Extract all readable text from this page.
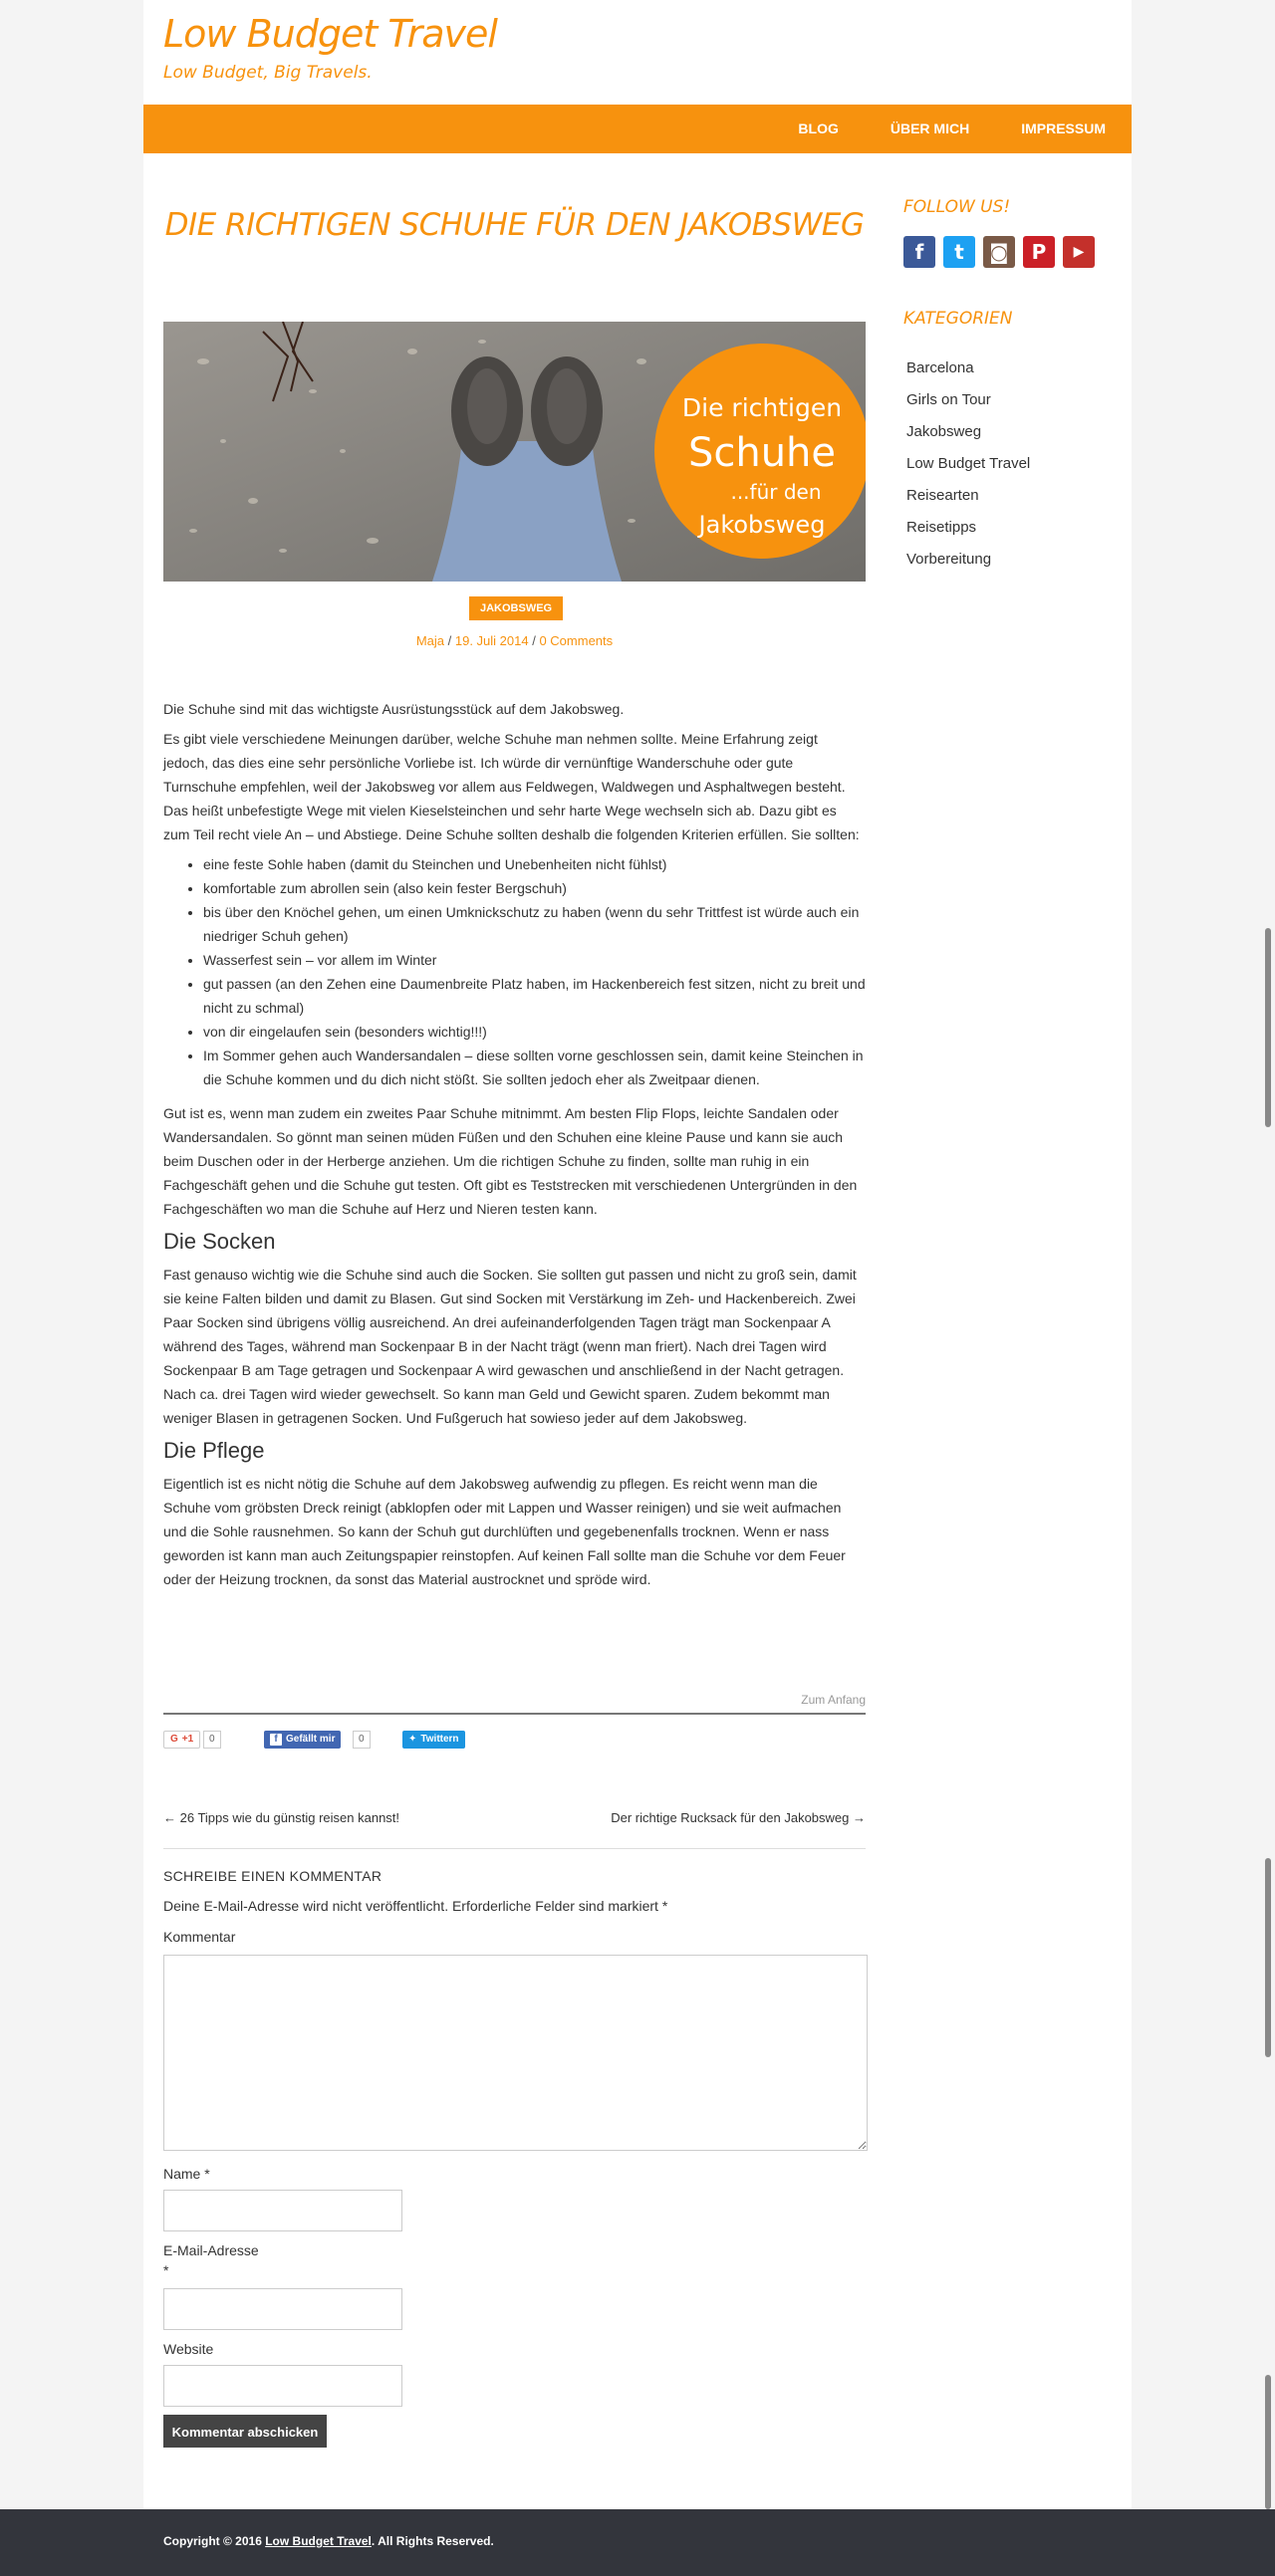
Low Budget Travel
Low Budget, Big Travels.
BLOG	ÜBER MICH	IMPRESSUM
DIE RICHTIGEN SCHUHE FÜR DEN JAKOBSWEG
Die richtigen
Schuhe
...für den
Jakobsweg
JAKOBSWEG
Maja / 19. Juli 2014 / 0 Comments

Die Schuhe sind mit das wichtigste Ausrüstungsstück auf dem Jakobsweg.

Es gibt viele verschiedene Meinungen darüber, welche Schuhe man nehmen sollte. Meine Erfahrung zeigt jedoch, das dies eine sehr persönliche Vorliebe ist. Ich würde dir vernünftige Wanderschuhe oder gute Turnschuhe empfehlen, weil der Jakobsweg vor allem aus Feldwegen, Waldwegen und Asphaltwegen besteht. Das heißt unbefestigte Wege mit vielen Kieselsteinchen und sehr harte Wege wechseln sich ab. Dazu gibt es zum Teil recht viele An – und Abstiege. Deine Schuhe sollten deshalb die folgenden Kriterien erfüllen. Sie sollten:

• eine feste Sohle haben (damit du Steinchen und Unebenheiten nicht fühlst)
• komfortable zum abrollen sein (also kein fester Bergschuh)
• bis über den Knöchel gehen, um einen Umknickschutz zu haben (wenn du sehr Trittfest ist würde auch ein niedriger Schuh gehen)
• Wasserfest sein – vor allem im Winter
• gut passen (an den Zehen eine Daumenbreite Platz haben, im Hackenbereich fest sitzen, nicht zu breit und nicht zu schmal)
• von dir eingelaufen sein (besonders wichtig!!!)
• Im Sommer gehen auch Wandersandalen – diese sollten vorne geschlossen sein, damit keine Steinchen in die Schuhe kommen und du dich nicht stößt. Sie sollten jedoch eher als Zweitpaar dienen.

Gut ist es, wenn man zudem ein zweites Paar Schuhe mitnimmt. Am besten Flip Flops, leichte Sandalen oder Wandersandalen. So gönnt man seinen müden Füßen und den Schuhen eine kleine Pause und kann sie auch beim Duschen oder in der Herberge anziehen. Um die richtigen Schuhe zu finden, sollte man ruhig in ein Fachgeschäft gehen und die Schuhe gut testen. Oft gibt es Teststrecken mit verschiedenen Untergründen in den Fachgeschäften wo man die Schuhe auf Herz und Nieren testen kann.

Die Socken

Fast genauso wichtig wie die Schuhe sind auch die Socken. Sie sollten gut passen und nicht zu groß sein, damit sie keine Falten bilden und damit zu Blasen. Gut sind Socken mit Verstärkung im Zeh- und Hackenbereich. Zwei Paar Socken sind übrigens völlig ausreichend. An drei aufeinanderfolgenden Tagen trägt man Sockenpaar A während des Tages, während man Sockenpaar B in der Nacht trägt (wenn man friert). Nach drei Tagen wird Sockenpaar B am Tage getragen und Sockenpaar A wird gewaschen und anschließend in der Nacht getragen. Nach ca. drei Tagen wird wieder gewechselt. So kann man Geld und Gewicht sparen. Zudem bekommt man weniger Blasen in getragenen Socken. Und Fußgeruch hat sowieso jeder auf dem Jakobsweg.

Die Pflege

Eigentlich ist es nicht nötig die Schuhe auf dem Jakobsweg aufwendig zu pflegen. Es reicht wenn man die Schuhe vom gröbsten Dreck reinigt (abklopfen oder mit Lappen und Wasser reinigen) und sie weit aufmachen und die Sohle rausnehmen. So kann der Schuh gut durchlüften und gegebenenfalls trocknen. Wenn er nass geworden ist kann man auch Zeitungspapier reinstopfen. Auf keinen Fall sollte man die Schuhe vor dem Feuer oder der Heizung trocknen, da sonst das Material austrocknet und spröde wird.

Zum Anfang
G +1	0	f Gefällt mir	0	✦ Twittern
← 26 Tipps wie du günstig reisen kannst!	Der richtige Rucksack für den Jakobsweg →
SCHREIBE EINEN KOMMENTAR
Deine E-Mail-Adresse wird nicht veröffentlicht. Erforderliche Felder sind markiert *
Kommentar
Name *
E-Mail-Adresse
*
Website
Kommentar abschicken
FOLLOW US!
f	t	◙	P	▶
KATEGORIEN
Barcelona
Girls on Tour
Jakobsweg
Low Budget Travel
Reisearten
Reisetipps
Vorbereitung
Copyright © 2016 Low Budget Travel. All Rights Reserved.
